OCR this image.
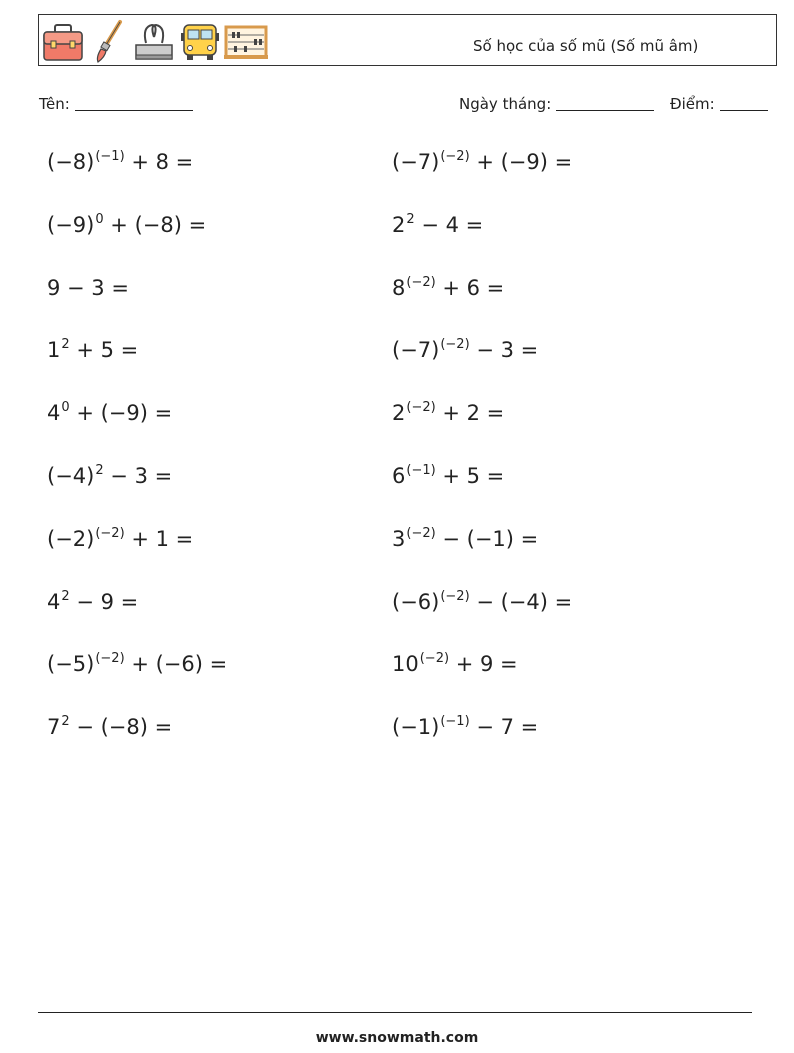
Số học của số mũ (Số mũ âm)
Tên:	Ngày tháng:	Điểm:
$(-8)^{(-1)} + 8$ =	$(-7)^{(-2)} + (-9)$ =
$(-9)^0 + (-8)$ =	$2^2 - 4$ =
9 − 3 =	$8^{(-2)} + 6$ =
$1^2 + 5$ =	$(-7)^{(-2)} - 3$ =
$4^0 + (-9)$ =	$2^{(-2)} + 2$ =
$(-4)^2 - 3$ =	$6^{(-1)} + 5$ =
$(-2)^{(-2)} + 1$ =	$3^{(-2)} - (-1)$ =
$4^2 - 9$ =	$(-6)^{(-2)} - (-4)$ =
$(-5)^{(-2)} + (-6)$ =	$10^{(-2)} + 9$ =
$7^2 - (-8)$ =	$(-1)^{(-1)} - 7$ =
www.snowmath.com
